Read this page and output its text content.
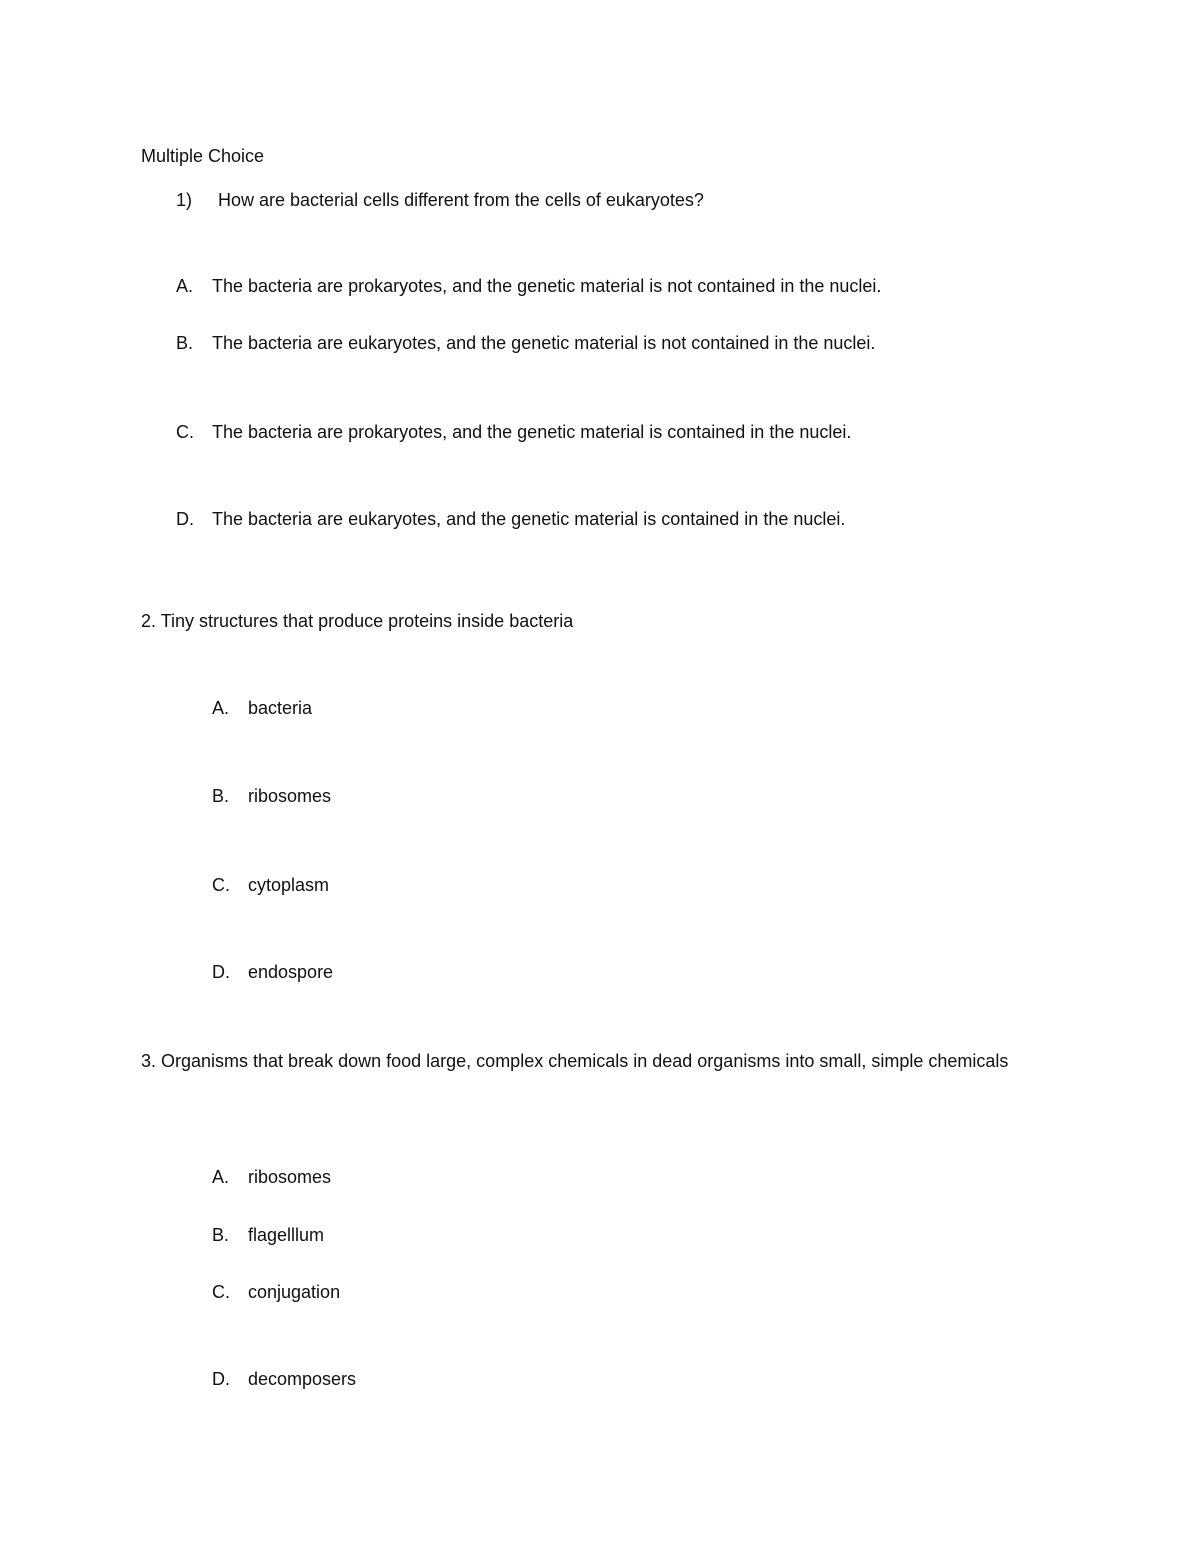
Multiple Choice
1) How are bacterial cells different from the cells of eukaryotes?
A. The bacteria are prokaryotes, and the genetic material is not contained in the nuclei.
B. The bacteria are eukaryotes, and the genetic material is not contained in the nuclei.
C. The bacteria are prokaryotes, and the genetic material is contained in the nuclei.
D. The bacteria are eukaryotes, and the genetic material is contained in the nuclei.
2. Tiny structures that produce proteins inside bacteria
A. bacteria
B. ribosomes
C. cytoplasm
D. endospore
3. Organisms that break down food large, complex chemicals in dead organisms into small, simple chemicals
A. ribosomes
B. flagelllum
C. conjugation
D. decomposers
